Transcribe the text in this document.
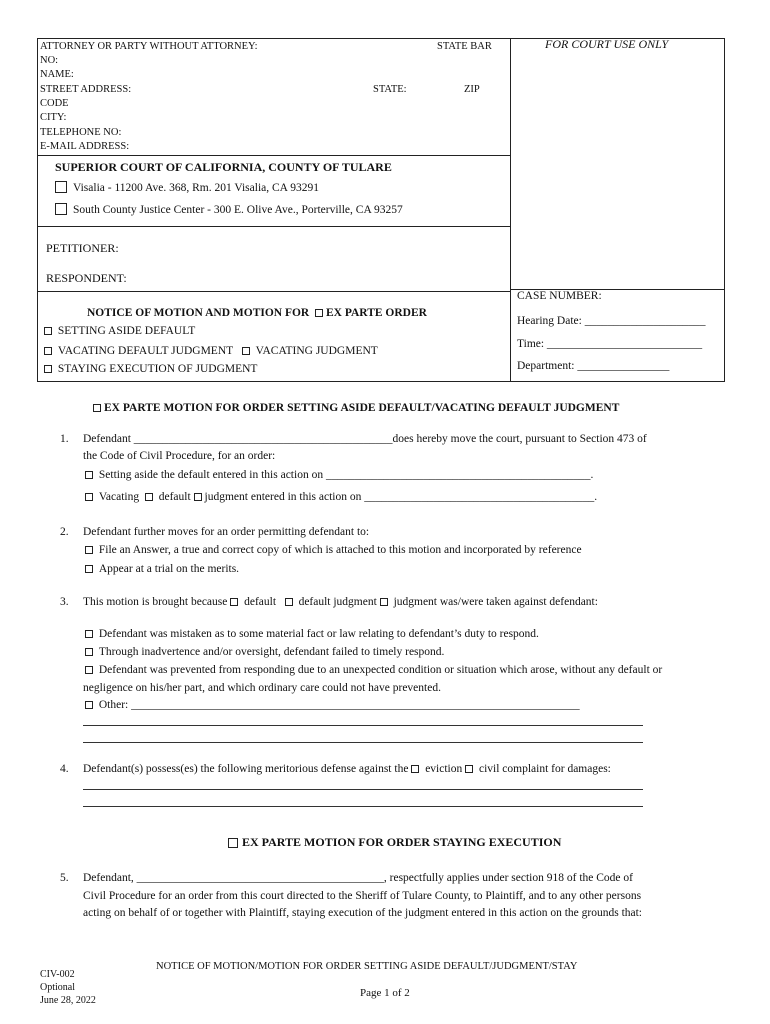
ATTORNEY OR PARTY WITHOUT ATTORNEY:	STATE BAR
NO:
NAME:
STREET ADDRESS:	STATE:	ZIP
CODE
CITY:
TELEPHONE NO:
E-MAIL ADDRESS:
FOR COURT USE ONLY
SUPERIOR COURT OF CALIFORNIA, COUNTY OF TULARE
Visalia - 11200 Ave. 368, Rm. 201 Visalia, CA 93291
South County Justice Center - 300 E. Olive Ave., Porterville, CA 93257
PETITIONER:
RESPONDENT:
NOTICE OF MOTION AND MOTION FOR EX PARTE ORDER
SETTING ASIDE DEFAULT
VACATING DEFAULT JUDGMENT VACATING JUDGMENT
STAYING EXECUTION OF JUDGMENT
CASE NUMBER:
Hearing Date: _____________________
Time: ___________________________
Department: ________________
EX PARTE MOTION FOR ORDER SETTING ASIDE DEFAULT/VACATING DEFAULT JUDGMENT
1. Defendant _____________________________________________does hereby move the court, pursuant to Section 473 of
the Code of Civil Procedure, for an order:
Setting aside the default entered in this action on ______________________________________________.
Vacating default judgment entered in this action on ________________________________________.
2. Defendant further moves for an order permitting defendant to:
File an Answer, a true and correct copy of which is attached to this motion and incorporated by reference
Appear at a trial on the merits.
3. This motion is brought because default default judgment judgment was/were taken against defendant:
Defendant was mistaken as to some material fact or law relating to defendant’s duty to respond.
Through inadvertence and/or oversight, defendant failed to timely respond.
Defendant was prevented from responding due to an unexpected condition or situation which arose, without any default or
negligence on his/her part, and which ordinary care could not have prevented.
Other: ______________________________________________________________________________
4. Defendant(s) possess(es) the following meritorious defense against the eviction civil complaint for damages:
EX PARTE MOTION FOR ORDER STAYING EXECUTION
5. Defendant, ___________________________________________, respectfully applies under section 918 of the Code of
Civil Procedure for an order from this court directed to the Sheriff of Tulare County, to Plaintiff, and to any other persons
acting on behalf of or together with Plaintiff, staying execution of the judgment entered in this action on the grounds that:
CIV-002
Optional
June 28, 2022
NOTICE OF MOTION/MOTION FOR ORDER SETTING ASIDE DEFAULT/JUDGMENT/STAY
Page 1 of 2
